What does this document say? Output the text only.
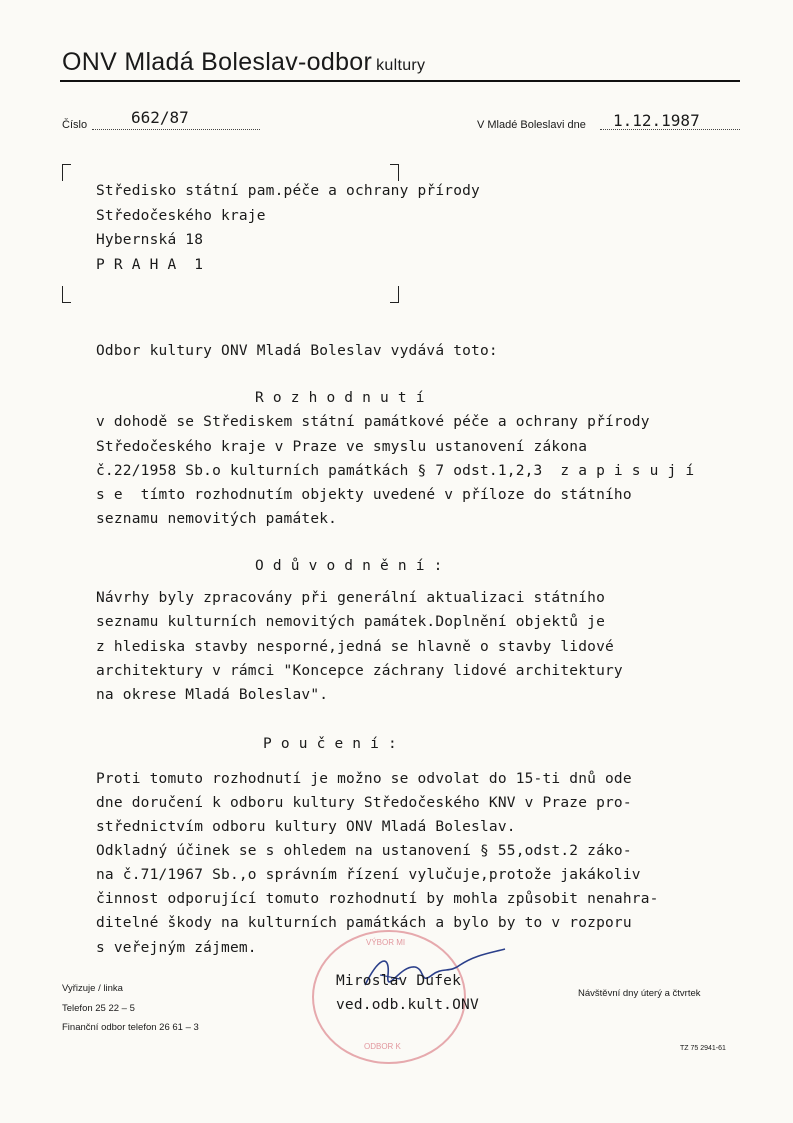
ONV Mladá Boleslav-odbor kultury
Číslo	662/87	V Mladé Boleslavi dne 1.12.1987
Středisko státní pam.péče a ochrany přírody
Středočeského kraje
Hybernská 18
P R A H A  1
Odbor kultury ONV Mladá Boleslav vydává toto:
R o z h o d n u t í
v dohodě se Střediskem státní památkové péče a ochrany přírody
Středočeského kraje v Praze ve smyslu ustanovení zákona
č.22/1958 Sb.o kulturních památkách § 7 odst.1,2,3  z a p i s u j í
s e  tímto rozhodnutím objekty uvedené v příloze do státního
seznamu nemovitých památek.
O d ů v o d n ě n í :
Návrhy byly zpracovány při generální aktualizaci státního
seznamu kulturních nemovitých památek.Doplnění objektů je
z hlediska stavby nesporné,jedná se hlavně o stavby lidové
architektury v rámci "Koncepce záchrany lidové architektury
na okrese Mladá Boleslav".
P o u č e n í :
Proti tomuto rozhodnutí je možno se odvolat do 15-ti dnů ode
dne doručení k odboru kultury Středočeského KNV v Praze pro-
střednictvím odboru kultury ONV Mladá Boleslav.
Odkladný účinek se s ohledem na ustanovení § 55,odst.2 záko-
na č.71/1967 Sb.,o správním řízení vylučuje,protože jakákoliv
činnost odporující tomuto rozhodnutí by mohla způsobit nenahra-
ditelné škody na kulturních památkách a bylo by to v rozporu
s veřejným zájmem.	VÝBOR MI
ODBOR K
Miroslav Dufek
ved.odb.kult.ONV
Vyřizuje / linka
Telefon 25 22 – 5
Finanční odbor telefon 26 61 – 3
Návštěvní dny úterý a čtvrtek
TZ 75 2941-61
